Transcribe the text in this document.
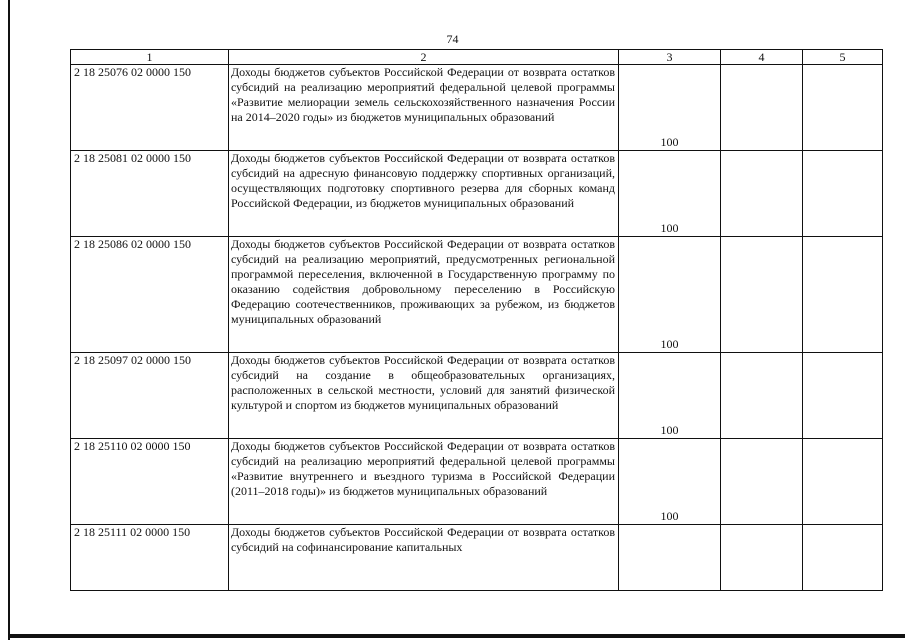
74
1	2	3	4	5
2 18 25076 02 0000 150	Доходы бюджетов субъектов Российской Федерации от возврата остатков субсидий на реализацию мероприятий федеральной целевой программы «Развитие мелиорации земель сельскохозяйственного назначения России на 2014–2020 годы» из бюджетов муниципальных образований	100		
2 18 25081 02 0000 150	Доходы бюджетов субъектов Российской Федерации от возврата остатков субсидий на адресную финансовую поддержку спортивных организаций, осуществляющих подготовку спортивного резерва для сборных команд Российской Федерации, из бюджетов муниципальных образований	100		
2 18 25086 02 0000 150	Доходы бюджетов субъектов Российской Федерации от возврата остатков субсидий на реализацию мероприятий, предусмотренных региональной программой переселения, включенной в Государственную программу по оказанию содействия добровольному переселению в Российскую Федерацию соотечественников, проживающих за рубежом, из бюджетов муниципальных образований	100		
2 18 25097 02 0000 150	Доходы бюджетов субъектов Российской Федерации от возврата остатков субсидий на создание в общеобразовательных организациях, расположенных в сельской местности, условий для занятий физической культурой и спортом из бюджетов муниципальных образований	100		
2 18 25110 02 0000 150	Доходы бюджетов субъектов Российской Федерации от возврата остатков субсидий на реализацию мероприятий федеральной целевой программы «Развитие внутреннего и въездного туризма в Российской Федерации (2011–2018 годы)» из бюджетов муниципальных образований	100		
2 18 25111 02 0000 150	Доходы бюджетов субъектов Российской Федерации от возврата остатков субсидий на софинансирование капитальных			
